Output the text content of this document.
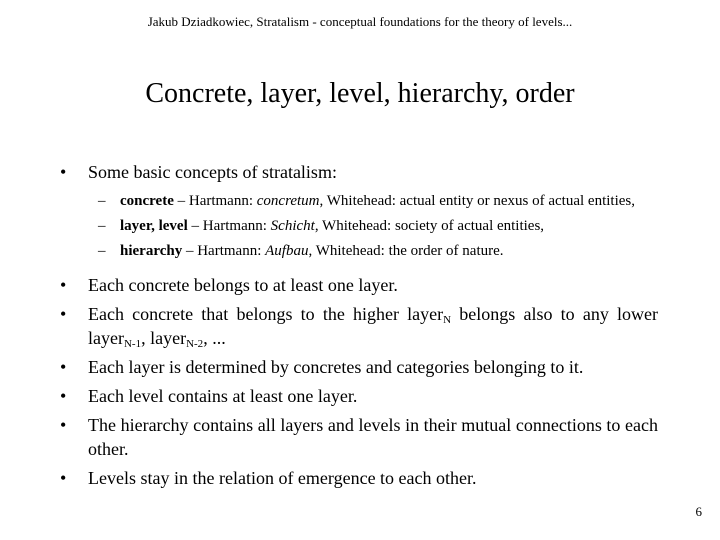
Jakub Dziadkowiec, Stratalism - conceptual foundations for the theory of levels...
Concrete, layer, level, hierarchy, order
• Some basic concepts of stratalism:
– concrete – Hartmann: concretum, Whitehead: actual entity or nexus of actual entities,
– layer, level – Hartmann: Schicht, Whitehead: society of actual entities,
– hierarchy – Hartmann: Aufbau, Whitehead: the order of nature.
• Each concrete belongs to at least one layer.
• Each concrete that belongs to the higher layer$_N$ belongs also to any lower layer$_{N-1}$, layer$_{N-2}$, ...
• Each layer is determined by concretes and categories belonging to it.
• Each level contains at least one layer.
• The hierarchy contains all layers and levels in their mutual connections to each other.
• Levels stay in the relation of emergence to each other.
6
